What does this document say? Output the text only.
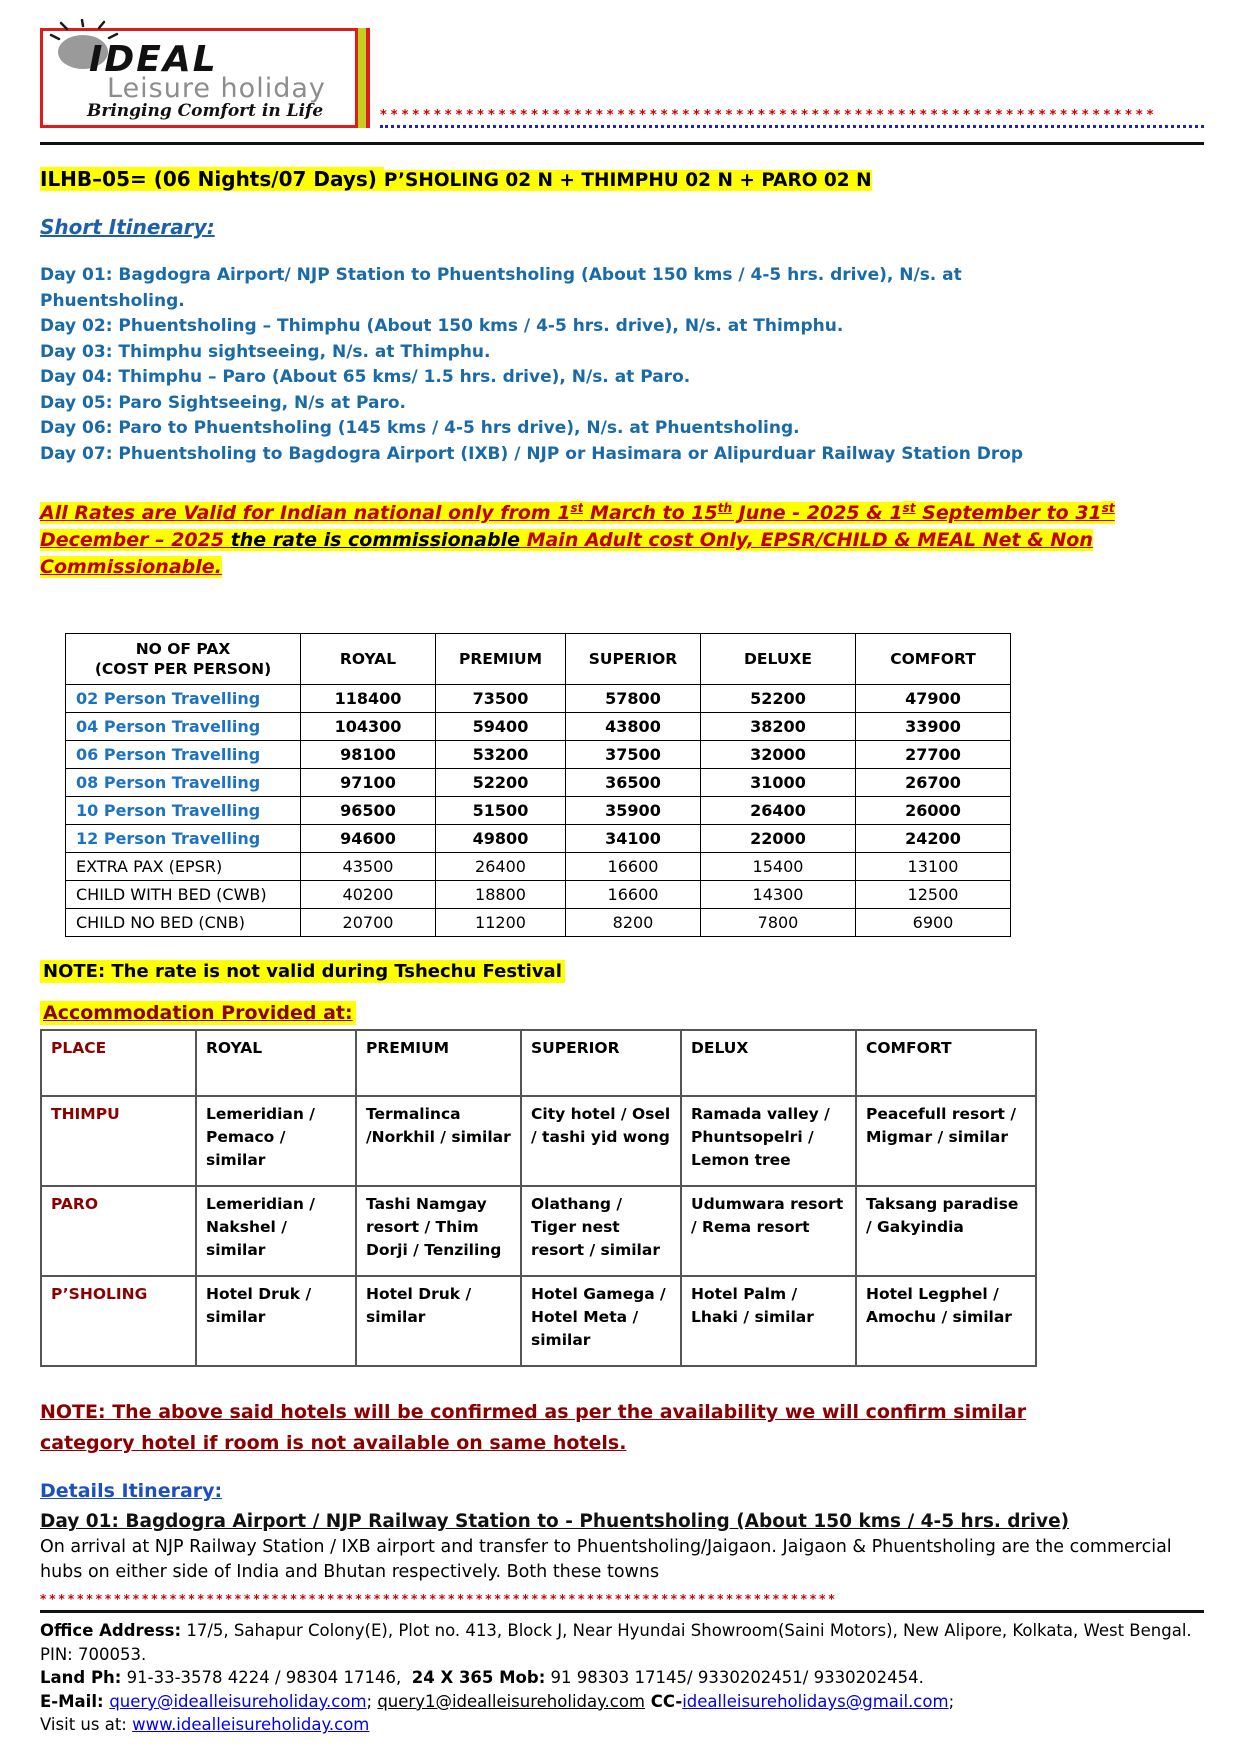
IDEAL
Leisure holiday
Bringing Comfort in Life	************************************************************************
ILHB–05= (06 Nights/07 Days) P’SHOLING 02 N + THIMPHU 02 N + PARO 02 N
Short Itinerary:
Day 01: Bagdogra Airport/ NJP Station to Phuentsholing (About 150 kms / 4-5 hrs. drive), N/s. at Phuentsholing.
Day 02: Phuentsholing – Thimphu (About 150 kms / 4-5 hrs. drive), N/s. at Thimphu.
Day 03: Thimphu sightseeing, N/s. at Thimphu.
Day 04: Thimphu – Paro (About 65 kms/ 1.5 hrs. drive), N/s. at Paro.
Day 05: Paro Sightseeing, N/s at Paro.
Day 06: Paro to Phuentsholing (145 kms / 4-5 hrs drive), N/s. at Phuentsholing.
Day 07: Phuentsholing to Bagdogra Airport (IXB) / NJP or Hasimara or Alipurduar Railway Station Drop

All Rates are Valid for Indian national only from 1st March to 15th June - 2025 & 1st September to 31st December – 2025 the rate is commissionable Main Adult cost Only, EPSR/CHILD & MEAL Net & Non Commissionable.

NO OF PAX
(COST PER PERSON)	ROYAL	PREMIUM	SUPERIOR	DELUXE	COMFORT
02 Person Travelling	118400	73500	57800	52200	47900
04 Person Travelling	104300	59400	43800	38200	33900
06 Person Travelling	98100	53200	37500	32000	27700
08 Person Travelling	97100	52200	36500	31000	26700
10 Person Travelling	96500	51500	35900	26400	26000
12 Person Travelling	94600	49800	34100	22000	24200
EXTRA PAX (EPSR)	43500	26400	16600	15400	13100
CHILD WITH BED (CWB)	40200	18800	16600	14300	12500
CHILD NO BED (CNB)	20700	11200	8200	7800	6900
NOTE: The rate is not valid during Tshechu Festival
Accommodation Provided at:
PLACE	ROYAL	PREMIUM	SUPERIOR	DELUX	COMFORT
THIMPU	Lemeridian / Pemaco / similar	Termalinca /Norkhil / similar	City hotel / Osel / tashi yid wong	Ramada valley / Phuntsopelri / Lemon tree	Peacefull resort / Migmar / similar
PARO	Lemeridian / Nakshel / similar	Tashi Namgay resort / Thim Dorji / Tenziling	Olathang / Tiger nest resort / similar	Udumwara resort / Rema resort	Taksang paradise / Gakyindia
P’SHOLING	Hotel Druk / similar	Hotel Druk / similar	Hotel Gamega / Hotel Meta / similar	Hotel Palm / Lhaki / similar	Hotel Legphel / Amochu / similar
NOTE: The above said hotels will be confirmed as per the availability we will confirm similar category hotel if room is not available on same hotels.
Details Itinerary:
Day 01: Bagdogra Airport / NJP Railway Station to - Phuentsholing (About 150 kms / 4-5 hrs. drive)
On arrival at NJP Railway Station / IXB airport and transfer to Phuentsholing/Jaigaon. Jaigaon & Phuentsholing are the commercial hubs on either side of India and Bhutan respectively. Both these towns
**************************************************************************************
Office Address: 17/5, Sahapur Colony(E), Plot no. 413, Block J, Near Hyundai Showroom(Saini Motors), New Alipore, Kolkata, West Bengal. PIN: 700053.
Land Ph: 91-33-3578 4224 / 98304 17146,  24 X 365 Mob: 91 98303 17145/ 9330202451/ 9330202454.
E-Mail: query@idealleisureholiday.com; query1@idealleisureholiday.com CC-idealleisureholidays@gmail.com;
Visit us at: www.idealleisureholiday.com
